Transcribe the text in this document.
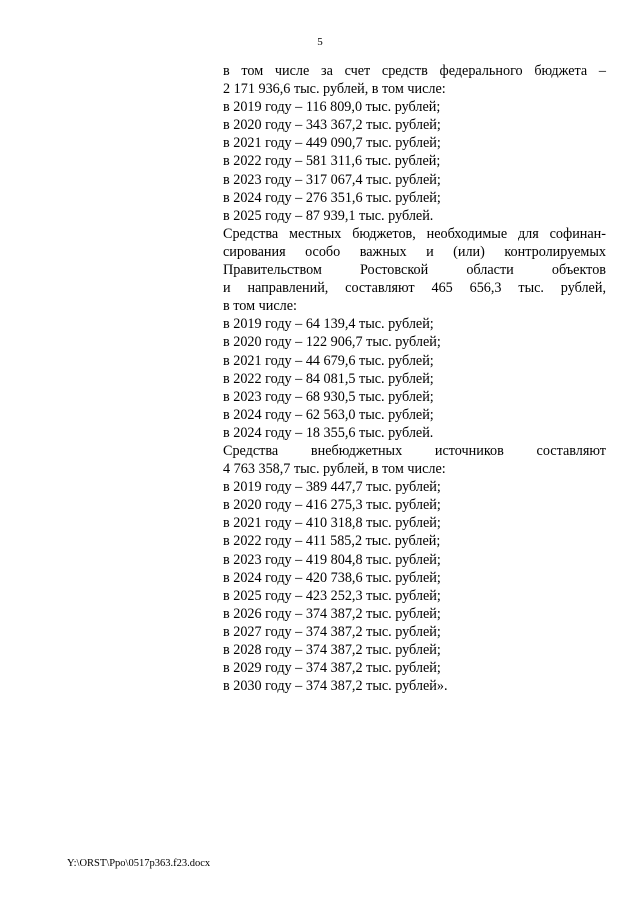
5
в том числе за счет средств федерального бюджета –
2 171 936,6 тыс. рублей, в том числе:
в 2019 году – 116 809,0 тыс. рублей;
в 2020 году – 343 367,2 тыс. рублей;
в 2021 году – 449 090,7 тыс. рублей;
в 2022 году – 581 311,6 тыс. рублей;
в 2023 году – 317 067,4 тыс. рублей;
в 2024 году – 276 351,6 тыс. рублей;
в 2025 году – 87 939,1 тыс. рублей.
Средства местных бюджетов, необходимые для софинан-
сирования особо важных и (или) контролируемых
Правительством Ростовской области объектов
и направлений, составляют 465 656,3 тыс. рублей,
в том числе:
в 2019 году – 64 139,4 тыс. рублей;
в 2020 году – 122 906,7 тыс. рублей;
в 2021 году – 44 679,6 тыс. рублей;
в 2022 году – 84 081,5 тыс. рублей;
в 2023 году – 68 930,5 тыс. рублей;
в 2024 году – 62 563,0 тыс. рублей;
в 2024 году – 18 355,6 тыс. рублей.
Средства внебюджетных источников составляют
4 763 358,7 тыс. рублей, в том числе:
в 2019 году – 389 447,7 тыс. рублей;
в 2020 году – 416 275,3 тыс. рублей;
в 2021 году – 410 318,8 тыс. рублей;
в 2022 году – 411 585,2 тыс. рублей;
в 2023 году – 419 804,8 тыс. рублей;
в 2024 году – 420 738,6 тыс. рублей;
в 2025 году – 423 252,3 тыс. рублей;
в 2026 году – 374 387,2 тыс. рублей;
в 2027 году – 374 387,2 тыс. рублей;
в 2028 году – 374 387,2 тыс. рублей;
в 2029 году – 374 387,2 тыс. рублей;
в 2030 году – 374 387,2 тыс. рублей».
Y:\ORST\Ppo\0517p363.f23.docx
